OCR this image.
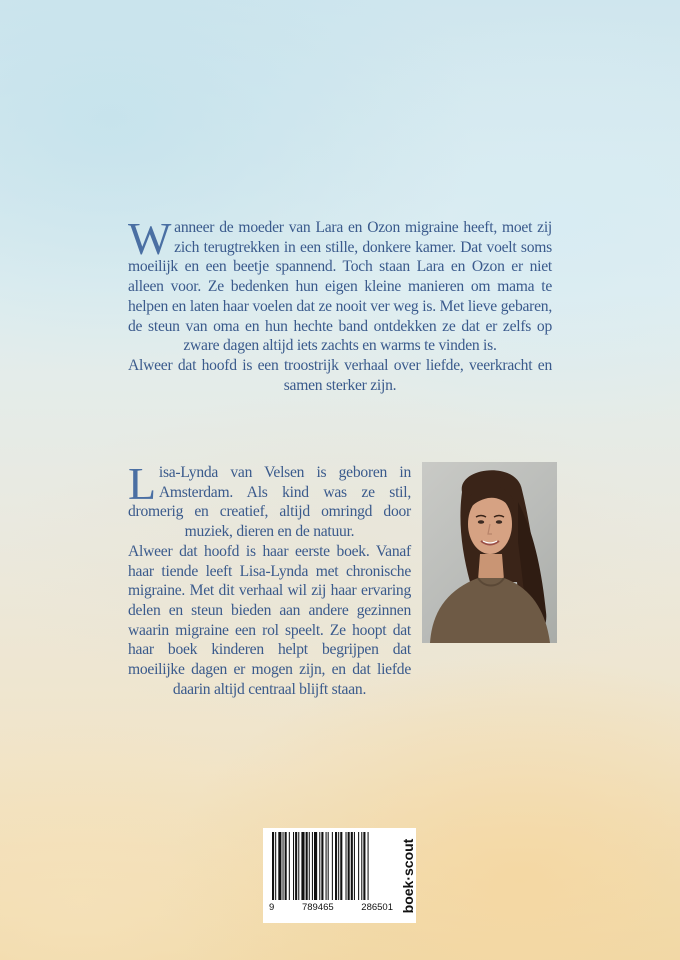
Wanneer de moeder van Lara en Ozon migraine heeft, moet zij zich terugtrekken in een stille, donkere kamer. Dat voelt soms moeilijk en een beetje spannend. Toch staan Lara en Ozon er niet alleen voor. Ze bedenken hun eigen kleine manieren om mama te helpen en laten haar voelen dat ze nooit ver weg is. Met lieve gebaren, de steun van oma en hun hechte band ontdekken ze dat er zelfs op zware dagen altijd iets zachts en warms te vinden is.

Alweer dat hoofd is een troostrijk verhaal over liefde, veerkracht en samen sterker zijn.

Lisa-Lynda van Velsen is geboren in Amsterdam. Als kind was ze stil, dromerig en creatief, altijd omringd door muziek, dieren en de natuur.

Alweer dat hoofd is haar eerste boek. Vanaf haar tiende leeft Lisa-Lynda met chronische migraine. Met dit verhaal wil zij haar ervaring delen en steun bieden aan andere gezinnen waarin migraine een rol speelt. Ze hoopt dat haar boek kinderen helpt begrijpen dat moeilijke dagen er mogen zijn, en dat liefde daarin altijd centraal blijft staan.

9	789465	286501 boek·scout
